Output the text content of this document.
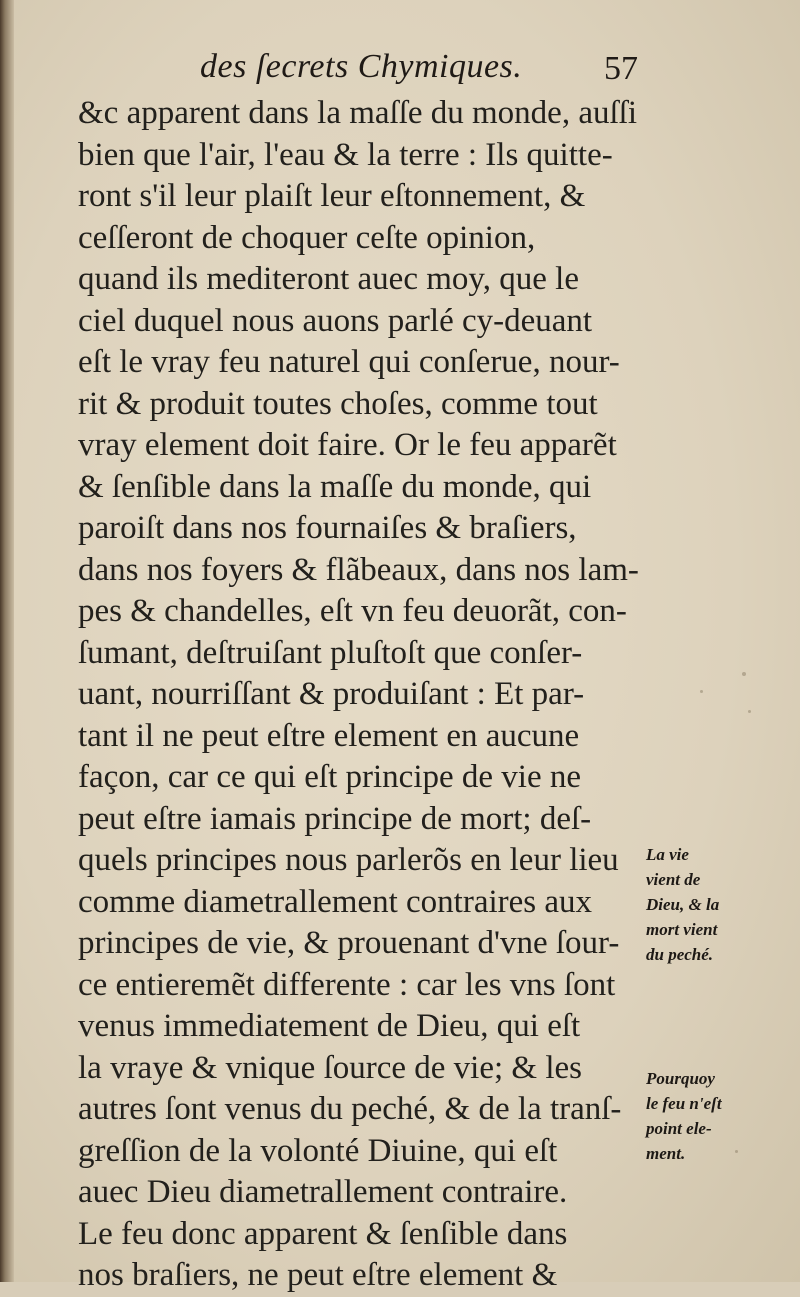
des ſecrets Chymiques. 57
&c apparent dans la maſſe du monde, auſſi
bien que l'air, l'eau & la terre : Ils quitte-
ront s'il leur plaiſt leur eſtonnement, &
ceſſeront de choquer ceſte opinion,
quand ils mediteront auec moy, que le
ciel duquel nous auons parlé cy-deuant
eſt le vray feu naturel qui conſerue, nour-
rit & produit toutes choſes, comme tout
vray element doit faire. Or le feu apparẽt
& ſenſible dans la maſſe du monde, qui
paroiſt dans nos fournaiſes & braſiers,
dans nos foyers & flãbeaux, dans nos lam-
pes & chandelles, eſt vn feu deuorãt, con-
ſumant, deſtruiſant pluſtoſt que conſer-
uant, nourriſſant & produiſant : Et par-
tant il ne peut eſtre element en aucune
façon, car ce qui eſt principe de vie ne
peut eſtre iamais principe de mort; deſ-
quels principes nous parlerõs en leur lieu
comme diametrallement contraires aux
principes de vie, & prouenant d'vne ſour-
ce entieremẽt differente : car les vns ſont
venus immediatement de Dieu, qui eſt
la vraye & vnique ſource de vie; & les
autres ſont venus du peché, & de la tranſ-
greſſion de la volonté Diuine, qui eſt
auec Dieu diametrallement contraire.
Le feu donc apparent & ſenſible dans
nos braſiers, ne peut eſtre element &
La vie
vient de
Dieu, & la
mort vient
du peché.
Pourquoy
le feu n'eſt
point ele-
ment.
